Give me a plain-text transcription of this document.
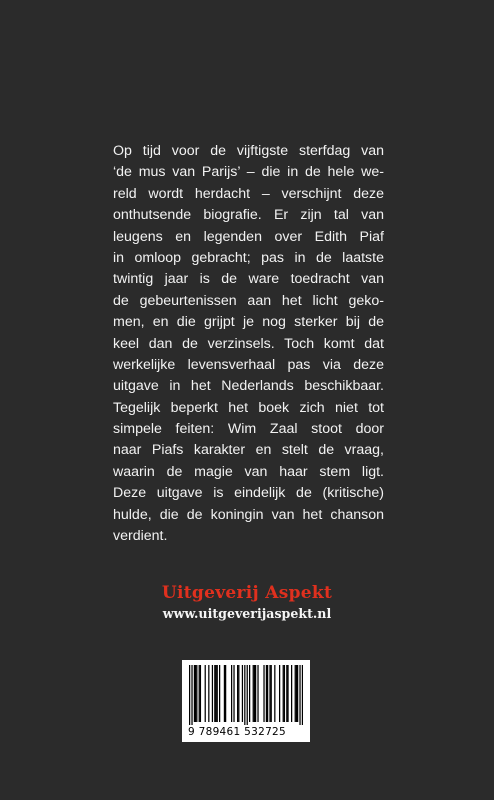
Op tijd voor de vijftigste sterfdag van
‘de mus van Parijs’ – die in de hele we-
reld wordt herdacht – verschijnt deze
onthutsende biografie. Er zijn tal van
leugens en legenden over Edith Piaf
in omloop gebracht; pas in de laatste
twintig jaar is de ware toedracht van
de gebeurtenissen aan het licht geko-
men, en die grijpt je nog sterker bij de
keel dan de verzinsels. Toch komt dat
werkelijke levensverhaal pas via deze
uitgave in het Nederlands beschikbaar.
Tegelijk beperkt het boek zich niet tot
simpele feiten: Wim Zaal stoot door
naar Piafs karakter en stelt de vraag,
waarin de magie van haar stem ligt.
Deze uitgave is eindelijk de (kritische)
hulde, die de koningin van het chanson
verdient.
Uitgeverij Aspekt
www.uitgeverijaspekt.nl
9 789461 532725
